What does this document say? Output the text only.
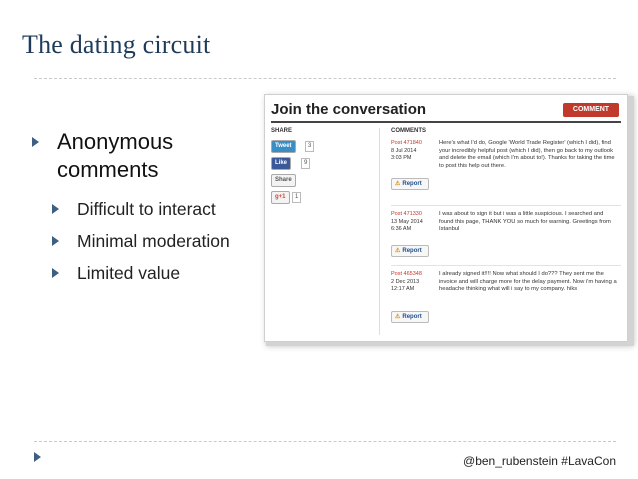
The dating circuit
Anonymous comments
Difficult to interact
Minimal moderation
Limited value
Join the conversation	COMMENT
SHARE	COMMENTS
Tweet	3
Like	9
Share
g+1	1
Post 471840
8 Jul 2014
3:03 PM
Here's what I'd do, Google 'World Trade Register' (which I did), find your incredibly helpful post (which I did), then go back to my outlook and delete the email (which I'm about to!). Thanks for taking the time to post this help out there.
⚠ Report
Post 471330
13 May 2014
6:36 AM
I was about to sign it but i was a little suspicious. I searched and found this page, THANK YOU so much for warning. Greetings from Istanbul
⚠ Report
Post 465348
2 Dec 2013
12:17 AM
I already signed it!!!! Now what should I do??? They sent me the invoice and will charge more for the delay payment. Now i'm having a headache thinking what will i say to my company. hiks
⚠ Report
@ben_rubenstein #LavaCon
